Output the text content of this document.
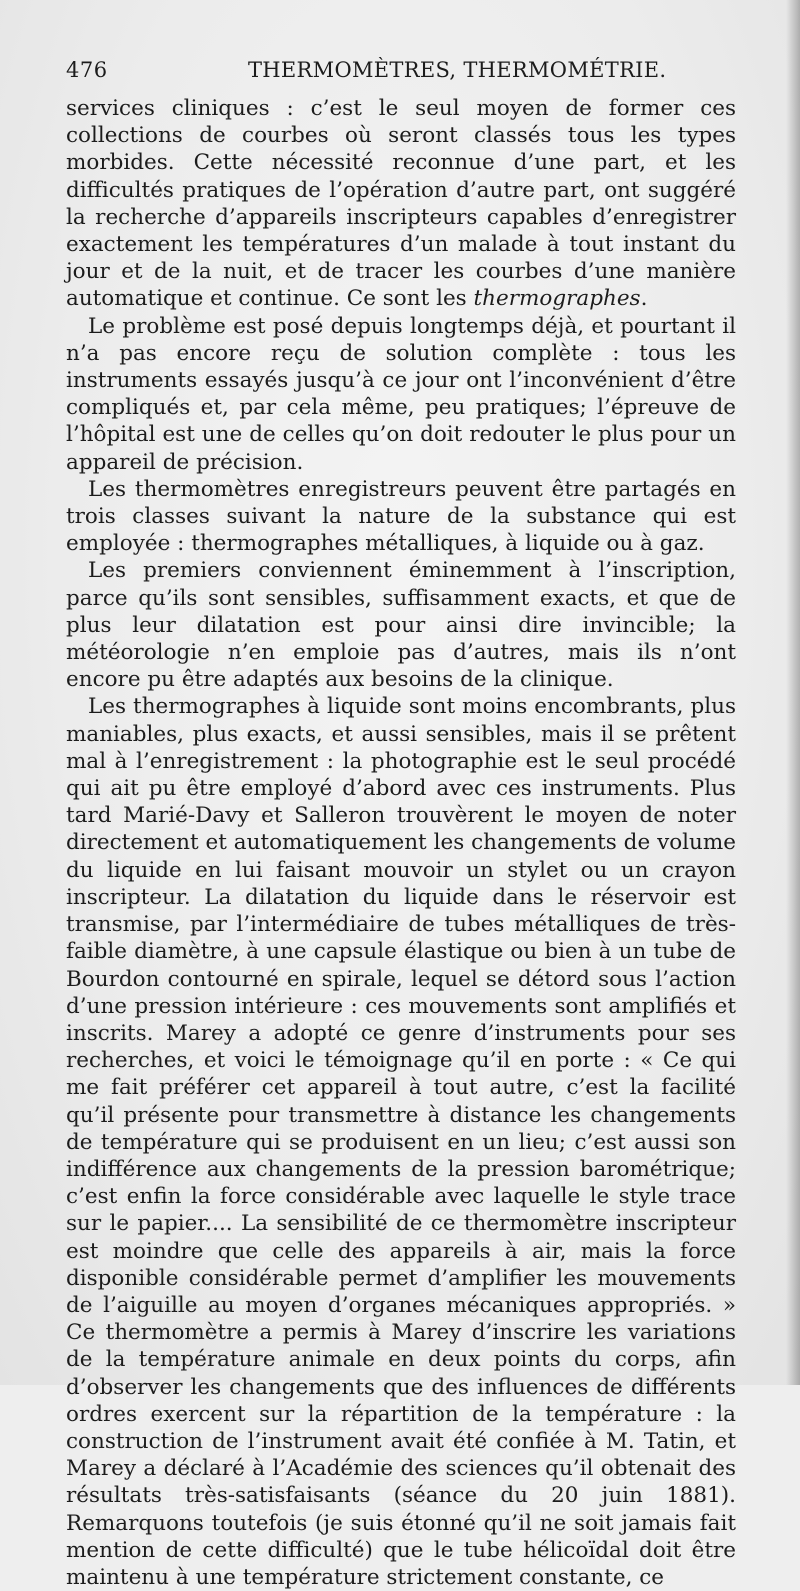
476	THERMOMÈTRES, THERMOMÉTRIE.

services cliniques : c’est le seul moyen de former ces collections de courbes où seront classés tous les types morbides. Cette nécessité reconnue d’une part, et les difficultés pratiques de l’opération d’autre part, ont suggéré la recherche d’appareils inscripteurs capables d’enregistrer exactement les températures d’un malade à tout instant du jour et de la nuit, et de tracer les courbes d’une manière automatique et continue. Ce sont les thermographes.

Le problème est posé depuis longtemps déjà, et pourtant il n’a pas encore reçu de solution complète : tous les instruments essayés jusqu’à ce jour ont l’inconvénient d’être compliqués et, par cela même, peu pratiques; l’épreuve de l’hôpital est une de celles qu’on doit redouter le plus pour un appareil de précision.

Les thermomètres enregistreurs peuvent être partagés en trois classes suivant la nature de la substance qui est employée : thermographes métalliques, à liquide ou à gaz.

Les premiers conviennent éminemment à l’inscription, parce qu’ils sont sensibles, suffisamment exacts, et que de plus leur dilatation est pour ainsi dire invincible; la météorologie n’en emploie pas d’autres, mais ils n’ont encore pu être adaptés aux besoins de la clinique.

Les thermographes à liquide sont moins encombrants, plus maniables, plus exacts, et aussi sensibles, mais il se prêtent mal à l’enregistrement : la photographie est le seul procédé qui ait pu être employé d’abord avec ces instruments. Plus tard Marié-Davy et Salleron trouvèrent le moyen de noter directement et automatiquement les changements de volume du liquide en lui faisant mouvoir un stylet ou un crayon inscripteur. La dilatation du liquide dans le réservoir est transmise, par l’intermédiaire de tubes métalliques de très-faible diamètre, à une capsule élastique ou bien à un tube de Bourdon contourné en spirale, lequel se détord sous l’action d’une pression intérieure : ces mouvements sont amplifiés et inscrits. Marey a adopté ce genre d’instruments pour ses recherches, et voici le témoignage qu’il en porte : « Ce qui me fait préférer cet appareil à tout autre, c’est la facilité qu’il présente pour transmettre à distance les changements de température qui se produisent en un lieu; c’est aussi son indifférence aux changements de la pression barométrique; c’est enfin la force considérable avec laquelle le style trace sur le papier.... La sensibilité de ce thermomètre inscripteur est moindre que celle des appareils à air, mais la force disponible considérable permet d’amplifier les mouvements de l’aiguille au moyen d’organes mécaniques appropriés. » Ce thermomètre a permis à Marey d’inscrire les variations de la température animale en deux points du corps, afin d’observer les changements que des influences de différents ordres exercent sur la répartition de la température : la construction de l’instrument avait été confiée à M. Tatin, et Marey a déclaré à l’Académie des sciences qu’il obtenait des résultats très-satisfaisants (séance du 20 juin 1881). Remarquons toutefois (je suis étonné qu’il ne soit jamais fait mention de cette difficulté) que le tube hélicoïdal doit être maintenu à une température strictement constante, ce
